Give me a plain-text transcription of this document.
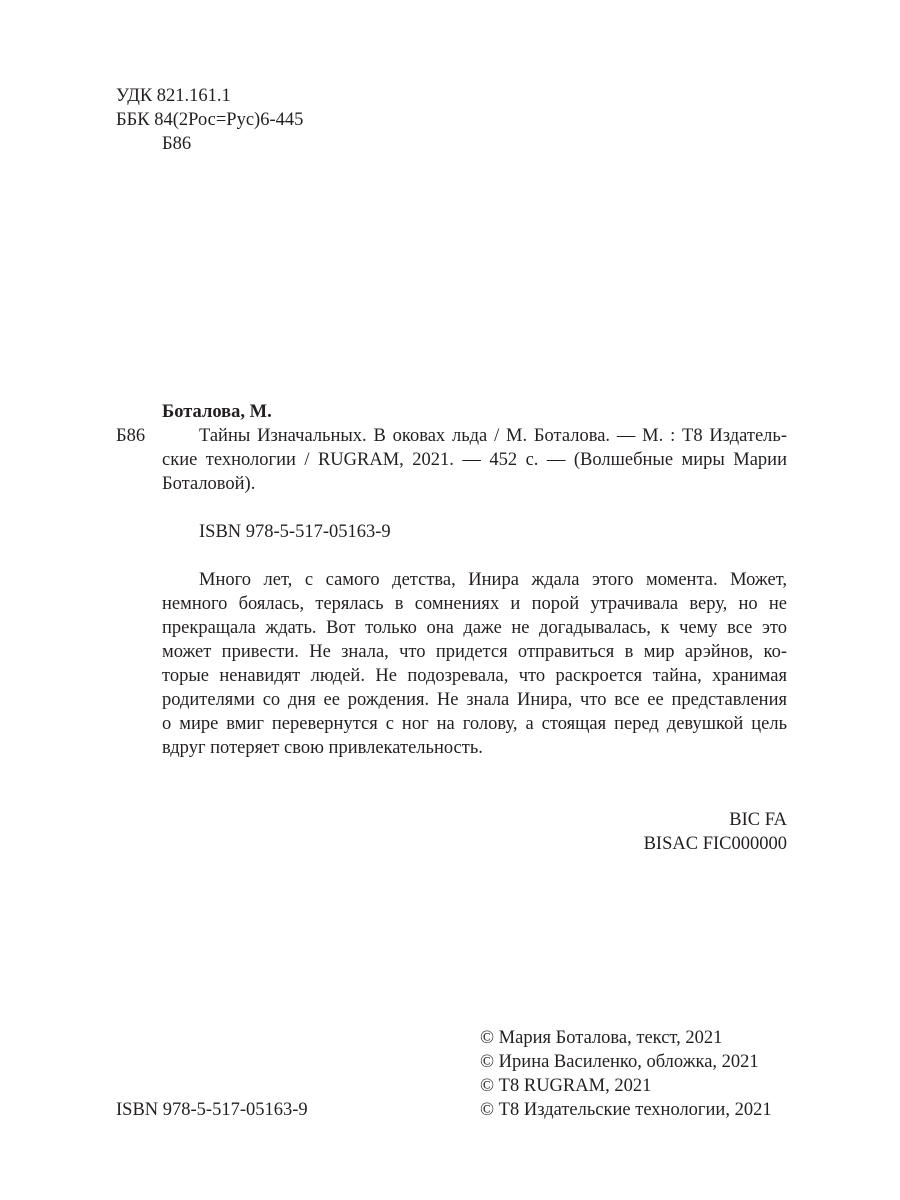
УДК 821.161.1
ББК 84(2Рос=Рус)6-445
Б86
Боталова, М.
Б86	Тайны Изначальных. В оковах льда / М. Боталова. — М. : Т8 Издатель-
ские технологии / RUGRAM, 2021. — 452 с. — (Волшебные миры Марии
Боталовой).
ISBN 978-5-517-05163-9
Много лет, с самого детства, Инира ждала этого момента. Может,
немного боялась, терялась в сомнениях и порой утрачивала веру, но не
прекращала ждать. Вот только она даже не догадывалась, к чему все это
может привести. Не знала, что придется отправиться в мир арэйнов, ко-
торые ненавидят людей. Не подозревала, что раскроется тайна, хранимая
родителями со дня ее рождения. Не знала Инира, что все ее представления
о мире вмиг перевернутся с ног на голову, а стоящая перед девушкой цель
вдруг потеряет свою привлекательность.
BIC FA
BISAC FIC000000
© Мария Боталова, текст, 2021
© Ирина Василенко, обложка, 2021
© Т8 RUGRAM, 2021
ISBN 978-5-517-05163-9	© Т8 Издательские технологии, 2021
